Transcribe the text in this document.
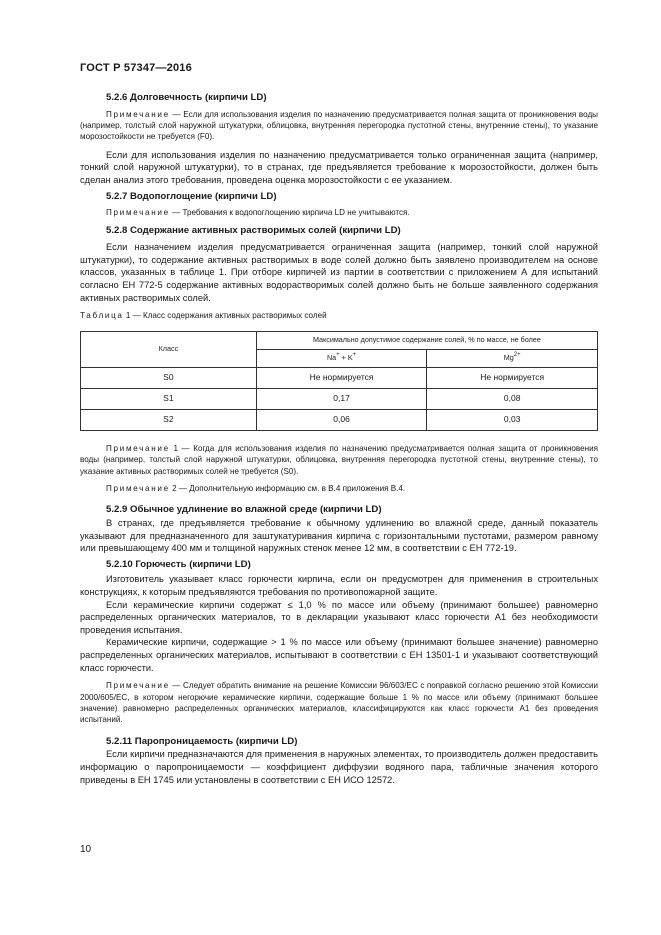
ГОСТ Р 57347—2016
5.2.6 Долговечность (кирпичи LD)

Примечание — Если для использования изделия по назначению предусматривается полная защита от проникновения воды (например, толстый слой наружной штукатурки, облицовка, внутренняя перегородка пустотной стены, внутренние стены), то указание морозостойкости не требуется (F0).

Если для использования изделия по назначению предусматривается только ограниченная защита (например, тонкий слой наружной штукатурки), то в странах, где предъявляется требование к морозостойкости, должен быть сделан анализ этого требования, проведена оценка морозостойкости с ее указанием.

5.2.7 Водопоглощение (кирпичи LD)

Примечание — Требования к водопоглощению кирпича LD не учитываются.

5.2.8 Содержание активных растворимых солей (кирпичи LD)

Если назначением изделия предусматривается ограниченная защита (например, тонкий слой наружной штукатурки), то содержание активных растворимых в воде солей должно быть заявлено производителем на основе классов, указанных в таблице 1. При отборе кирпичей из партии в соответствии с приложением А для испытаний согласно ЕН 772-5 содержание активных водорастворимых солей должно быть не больше заявленного содержания активных растворимых солей.

Таблица 1 — Класс содержания активных растворимых солей
Класс	Максимально допустимое содержание солей, % по массе, не более	
	Na+ + K+	$Mg^{2+}$
S0	Не нормируется	Не нормируется
S1	0,17	0,08
S2	0,06	0,03

Примечание 1 — Когда для использования изделия по назначению предусматривается полная защита от проникновения воды (например, толстый слой наружной штукатурки, облицовка, внутренняя перегородка пустотной стены, внутренние стены), то указание активных растворимых солей не требуется (S0).

Примечание 2 — Дополнительную информацию см. в В.4 приложения В.4.

5.2.9 Обычное удлинение во влажной среде (кирпичи LD)

В странах, где предъявляется требование к обычному удлинению во влажной среде, данный показатель указывают для предназначенного для заштукатуривания кирпича с горизонтальными пустотами, размером равному или превышающему 400 мм и толщиной наружных стенок менее 12 мм, в соответствии с ЕН 772-19.

5.2.10 Горючесть (кирпичи LD)

Изготовитель указывает класс горючести кирпича, если он предусмотрен для применения в строительных конструкциях, к которым предъявляются требования по противопожарной защите.

Если керамические кирпичи содержат ≤ 1,0 % по массе или объему (принимают большее) равномерно распределенных органических материалов, то в декларации указывают класс горючести А1 без необходимости проведения испытания.

Керамические кирпичи, содержащие > 1 % по массе или объему (принимают большее значение) равномерно распределенных органических материалов, испытывают в соответствии с ЕН 13501-1 и указывают соответствующий класс горючести.

Примечание — Следует обратить внимание на решение Комиссии 96/603/ЕС с поправкой согласно решению этой Комиссии 2000/605/ЕС, в котором негорючие керамические кирпичи, содержащие больше 1 % по массе или объему (принимают большее значение) равномерно распределенных органических материалов, классифицируются как класс горючести А1 без проведения испытаний.

5.2.11 Паропроницаемость (кирпичи LD)

Если кирпичи предназначаются для применения в наружных элементах, то производитель должен предоставить информацию о паропроницаемости — коэффициент диффузии водяного пара, табличные значения которого приведены в ЕН 1745 или установлены в соответствии с ЕН ИСО 12572.

10
